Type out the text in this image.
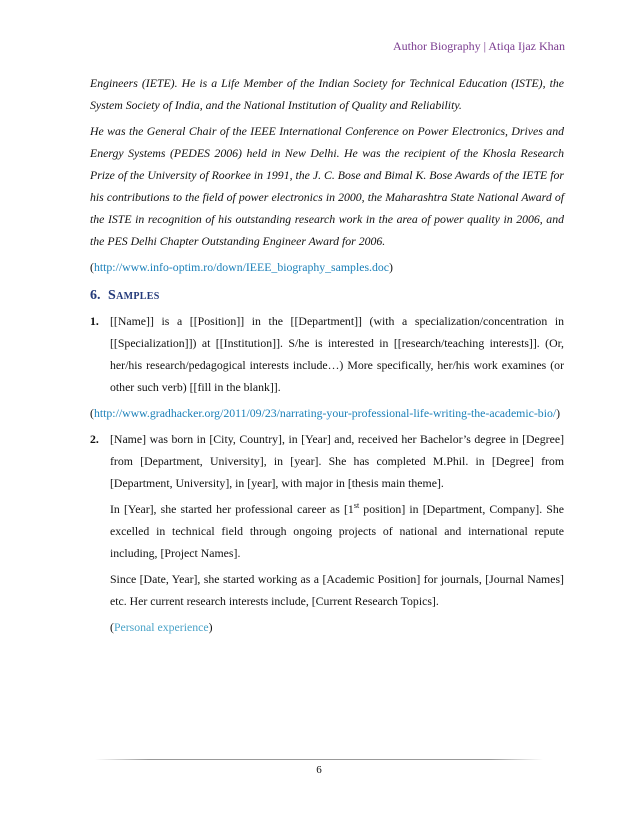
Author Biography | Atiqa Ijaz Khan

Engineers (IETE). He is a Life Member of the Indian Society for Technical Education (ISTE), the System Society of India, and the National Institution of Quality and Reliability.

He was the General Chair of the IEEE International Conference on Power Electronics, Drives and Energy Systems (PEDES 2006) held in New Delhi. He was the recipient of the Khosla Research Prize of the University of Roorkee in 1991, the J. C. Bose and Bimal K. Bose Awards of the IETE for his contributions to the field of power electronics in 2000, the Maharashtra State National Award of the ISTE in recognition of his outstanding research work in the area of power quality in 2006, and the PES Delhi Chapter Outstanding Engineer Award for 2006.

(http://www.info-optim.ro/down/IEEE_biography_samples.doc)

6. Samples
1. [[Name]] is a [[Position]] in the [[Department]] (with a specialization/concentration in [[Specialization]]) at [[Institution]]. S/he is interested in [[research/teaching interests]]. (Or, her/his research/pedagogical interests include…) More specifically, her/his work examines (or other such verb) [[fill in the blank]].

(http://www.gradhacker.org/2011/09/23/narrating-your-professional-life-writing-the-academic-bio/)

2. [Name] was born in [City, Country], in [Year] and, received her Bachelor’s degree in [Degree] from [Department, University], in [year]. She has completed M.Phil. in [Degree] from [Department, University], in [year], with major in [thesis main theme].

In [Year], she started her professional career as [1st position] in [Department, Company]. She excelled in technical field through ongoing projects of national and international repute including, [Project Names].

Since [Date, Year], she started working as a [Academic Position] for journals, [Journal Names] etc. Her current research interests include, [Current Research Topics].

(Personal experience)

6
